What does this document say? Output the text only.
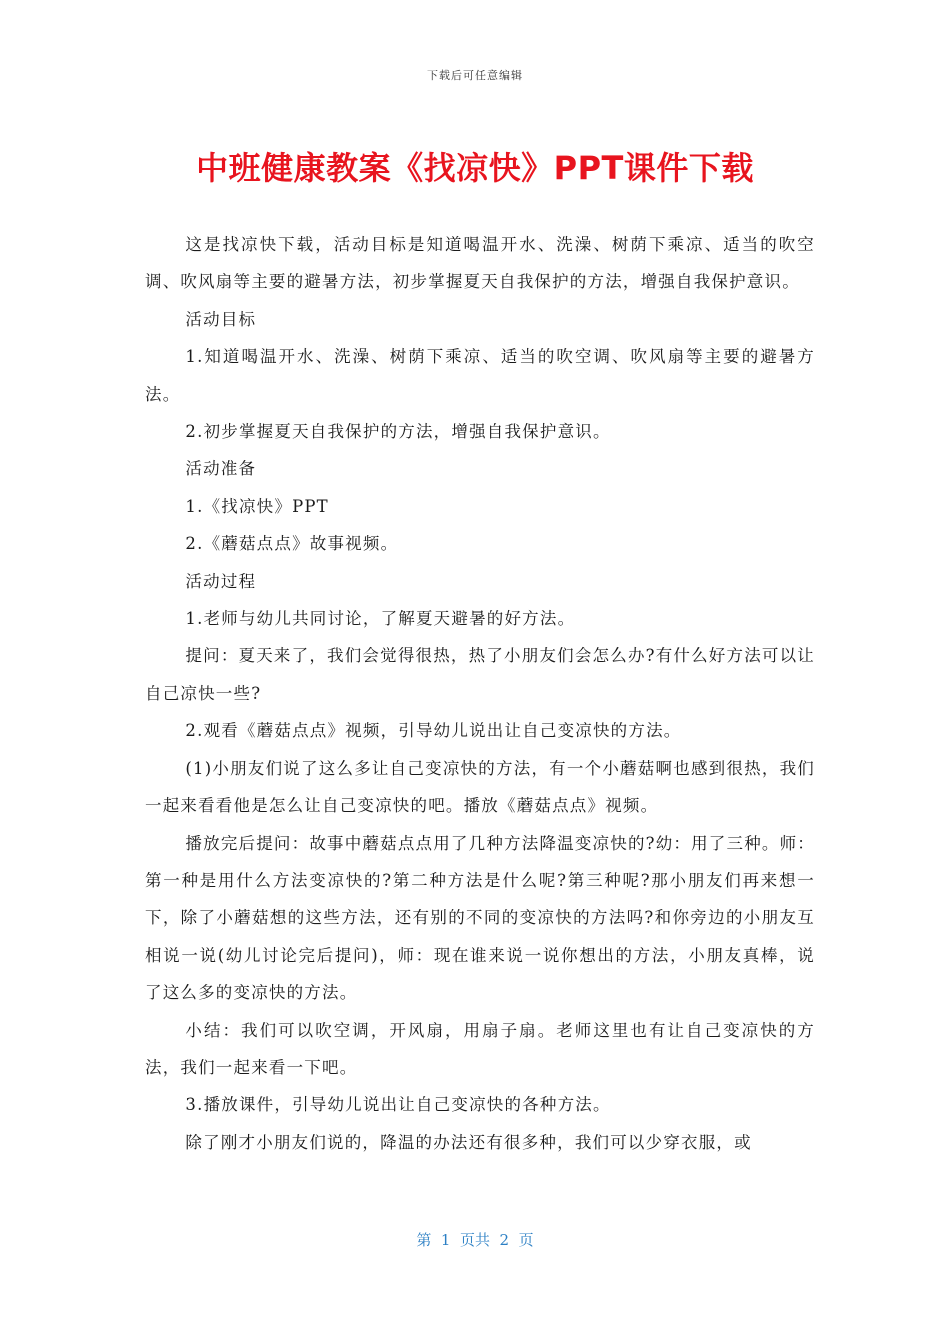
下载后可任意编辑
中班健康教案《找凉快》PPT课件下载

这是找凉快下载，活动目标是知道喝温开水、洗澡、树荫下乘凉、适当的吹空调、吹风扇等主要的避暑方法，初步掌握夏天自我保护的方法，增强自我保护意识。

活动目标

1.知道喝温开水、洗澡、树荫下乘凉、适当的吹空调、吹风扇等主要的避暑方法。

2.初步掌握夏天自我保护的方法，增强自我保护意识。

活动准备

1.《找凉快》PPT

2.《蘑菇点点》故事视频。

活动过程

1.老师与幼儿共同讨论，了解夏天避暑的好方法。

提问：夏天来了，我们会觉得很热，热了小朋友们会怎么办?有什么好方法可以让自己凉快一些?

2.观看《蘑菇点点》视频，引导幼儿说出让自己变凉快的方法。

(1)小朋友们说了这么多让自己变凉快的方法，有一个小蘑菇啊也感到很热，我们一起来看看他是怎么让自己变凉快的吧。播放《蘑菇点点》视频。

播放完后提问：故事中蘑菇点点用了几种方法降温变凉快的?幼：用了三种。师：第一种是用什么方法变凉快的?第二种方法是什么呢?第三种呢?那小朋友们再来想一下，除了小蘑菇想的这些方法，还有别的不同的变凉快的方法吗?和你旁边的小朋友互相说一说(幼儿讨论完后提问)，师：现在谁来说一说你想出的方法，小朋友真棒，说了这么多的变凉快的方法。

小结：我们可以吹空调，开风扇，用扇子扇。老师这里也有让自己变凉快的方法，我们一起来看一下吧。

3.播放课件，引导幼儿说出让自己变凉快的各种方法。

除了刚才小朋友们说的，降温的办法还有很多种，我们可以少穿衣服，或

第  1  页共  2  页
